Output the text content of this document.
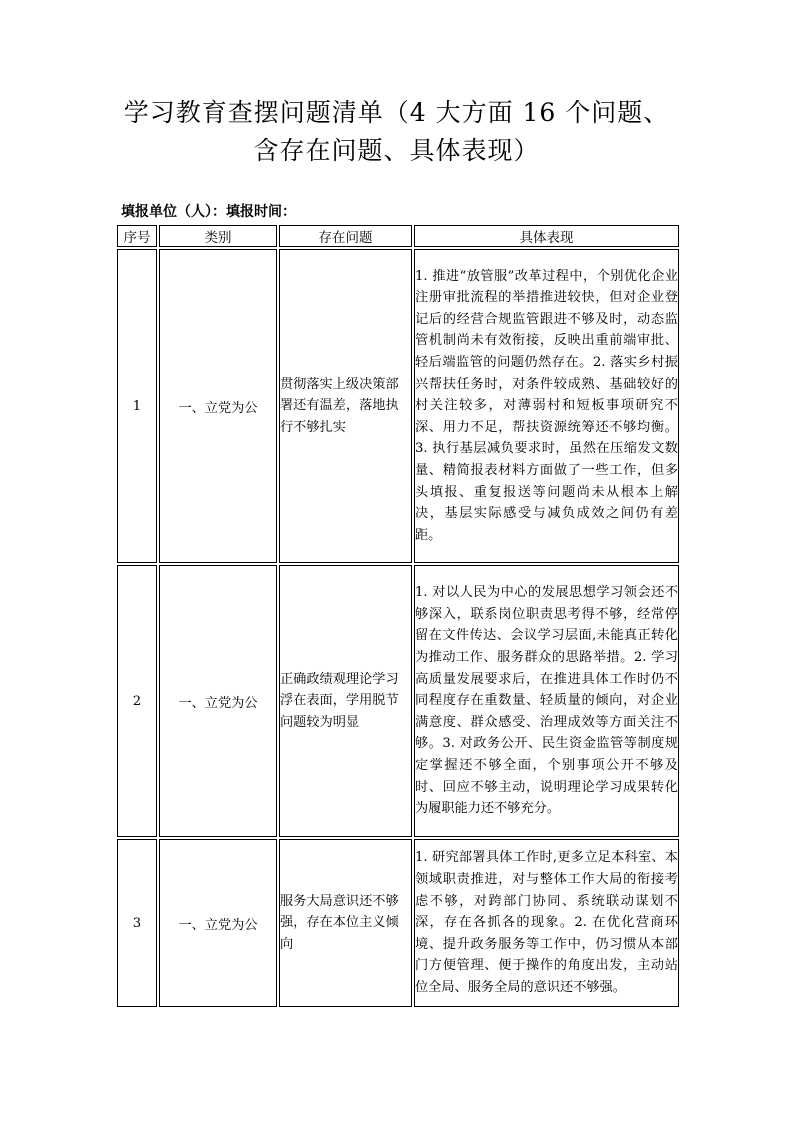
学习教育查摆问题清单（4 大方面 16 个问题、
含存在问题、具体表现）
填报单位（人）：填报时间：
序号	类别	存在问题	具体表现
1	一、立党为公	贯彻落实上级决策部署还有温差，落地执行不够扎实	1. 推进“放管服”改革过程中，个别优化企业注册审批流程的举措推进较快，但对企业登记后的经营合规监管跟进不够及时，动态监管机制尚未有效衔接，反映出重前端审批、轻后端监管的问题仍然存在。2. 落实乡村振兴帮扶任务时，对条件较成熟、基础较好的村关注较多，对薄弱村和短板事项研究不深、用力不足，帮扶资源统筹还不够均衡。3. 执行基层减负要求时，虽然在压缩发文数量、精简报表材料方面做了一些工作，但多头填报、重复报送等问题尚未从根本上解决，基层实际感受与减负成效之间仍有差距。
2	一、立党为公	正确政绩观理论学习浮在表面，学用脱节问题较为明显	1. 对以人民为中心的发展思想学习领会还不够深入，联系岗位职责思考得不够，经常停留在文件传达、会议学习层面,未能真正转化为推动工作、服务群众的思路举措。2. 学习高质量发展要求后，在推进具体工作时仍不同程度存在重数量、轻质量的倾向，对企业满意度、群众感受、治理成效等方面关注不够。3. 对政务公开、民生资金监管等制度规定掌握还不够全面，个别事项公开不够及时、回应不够主动，说明理论学习成果转化为履职能力还不够充分。
3	一、立党为公	服务大局意识还不够强，存在本位主义倾向	1. 研究部署具体工作时,更多立足本科室、本领域职责推进，对与整体工作大局的衔接考虑不够，对跨部门协同、系统联动谋划不深，存在各抓各的现象。2. 在优化营商环境、提升政务服务等工作中，仍习惯从本部门方便管理、便于操作的角度出发，主动站位全局、服务全局的意识还不够强。
